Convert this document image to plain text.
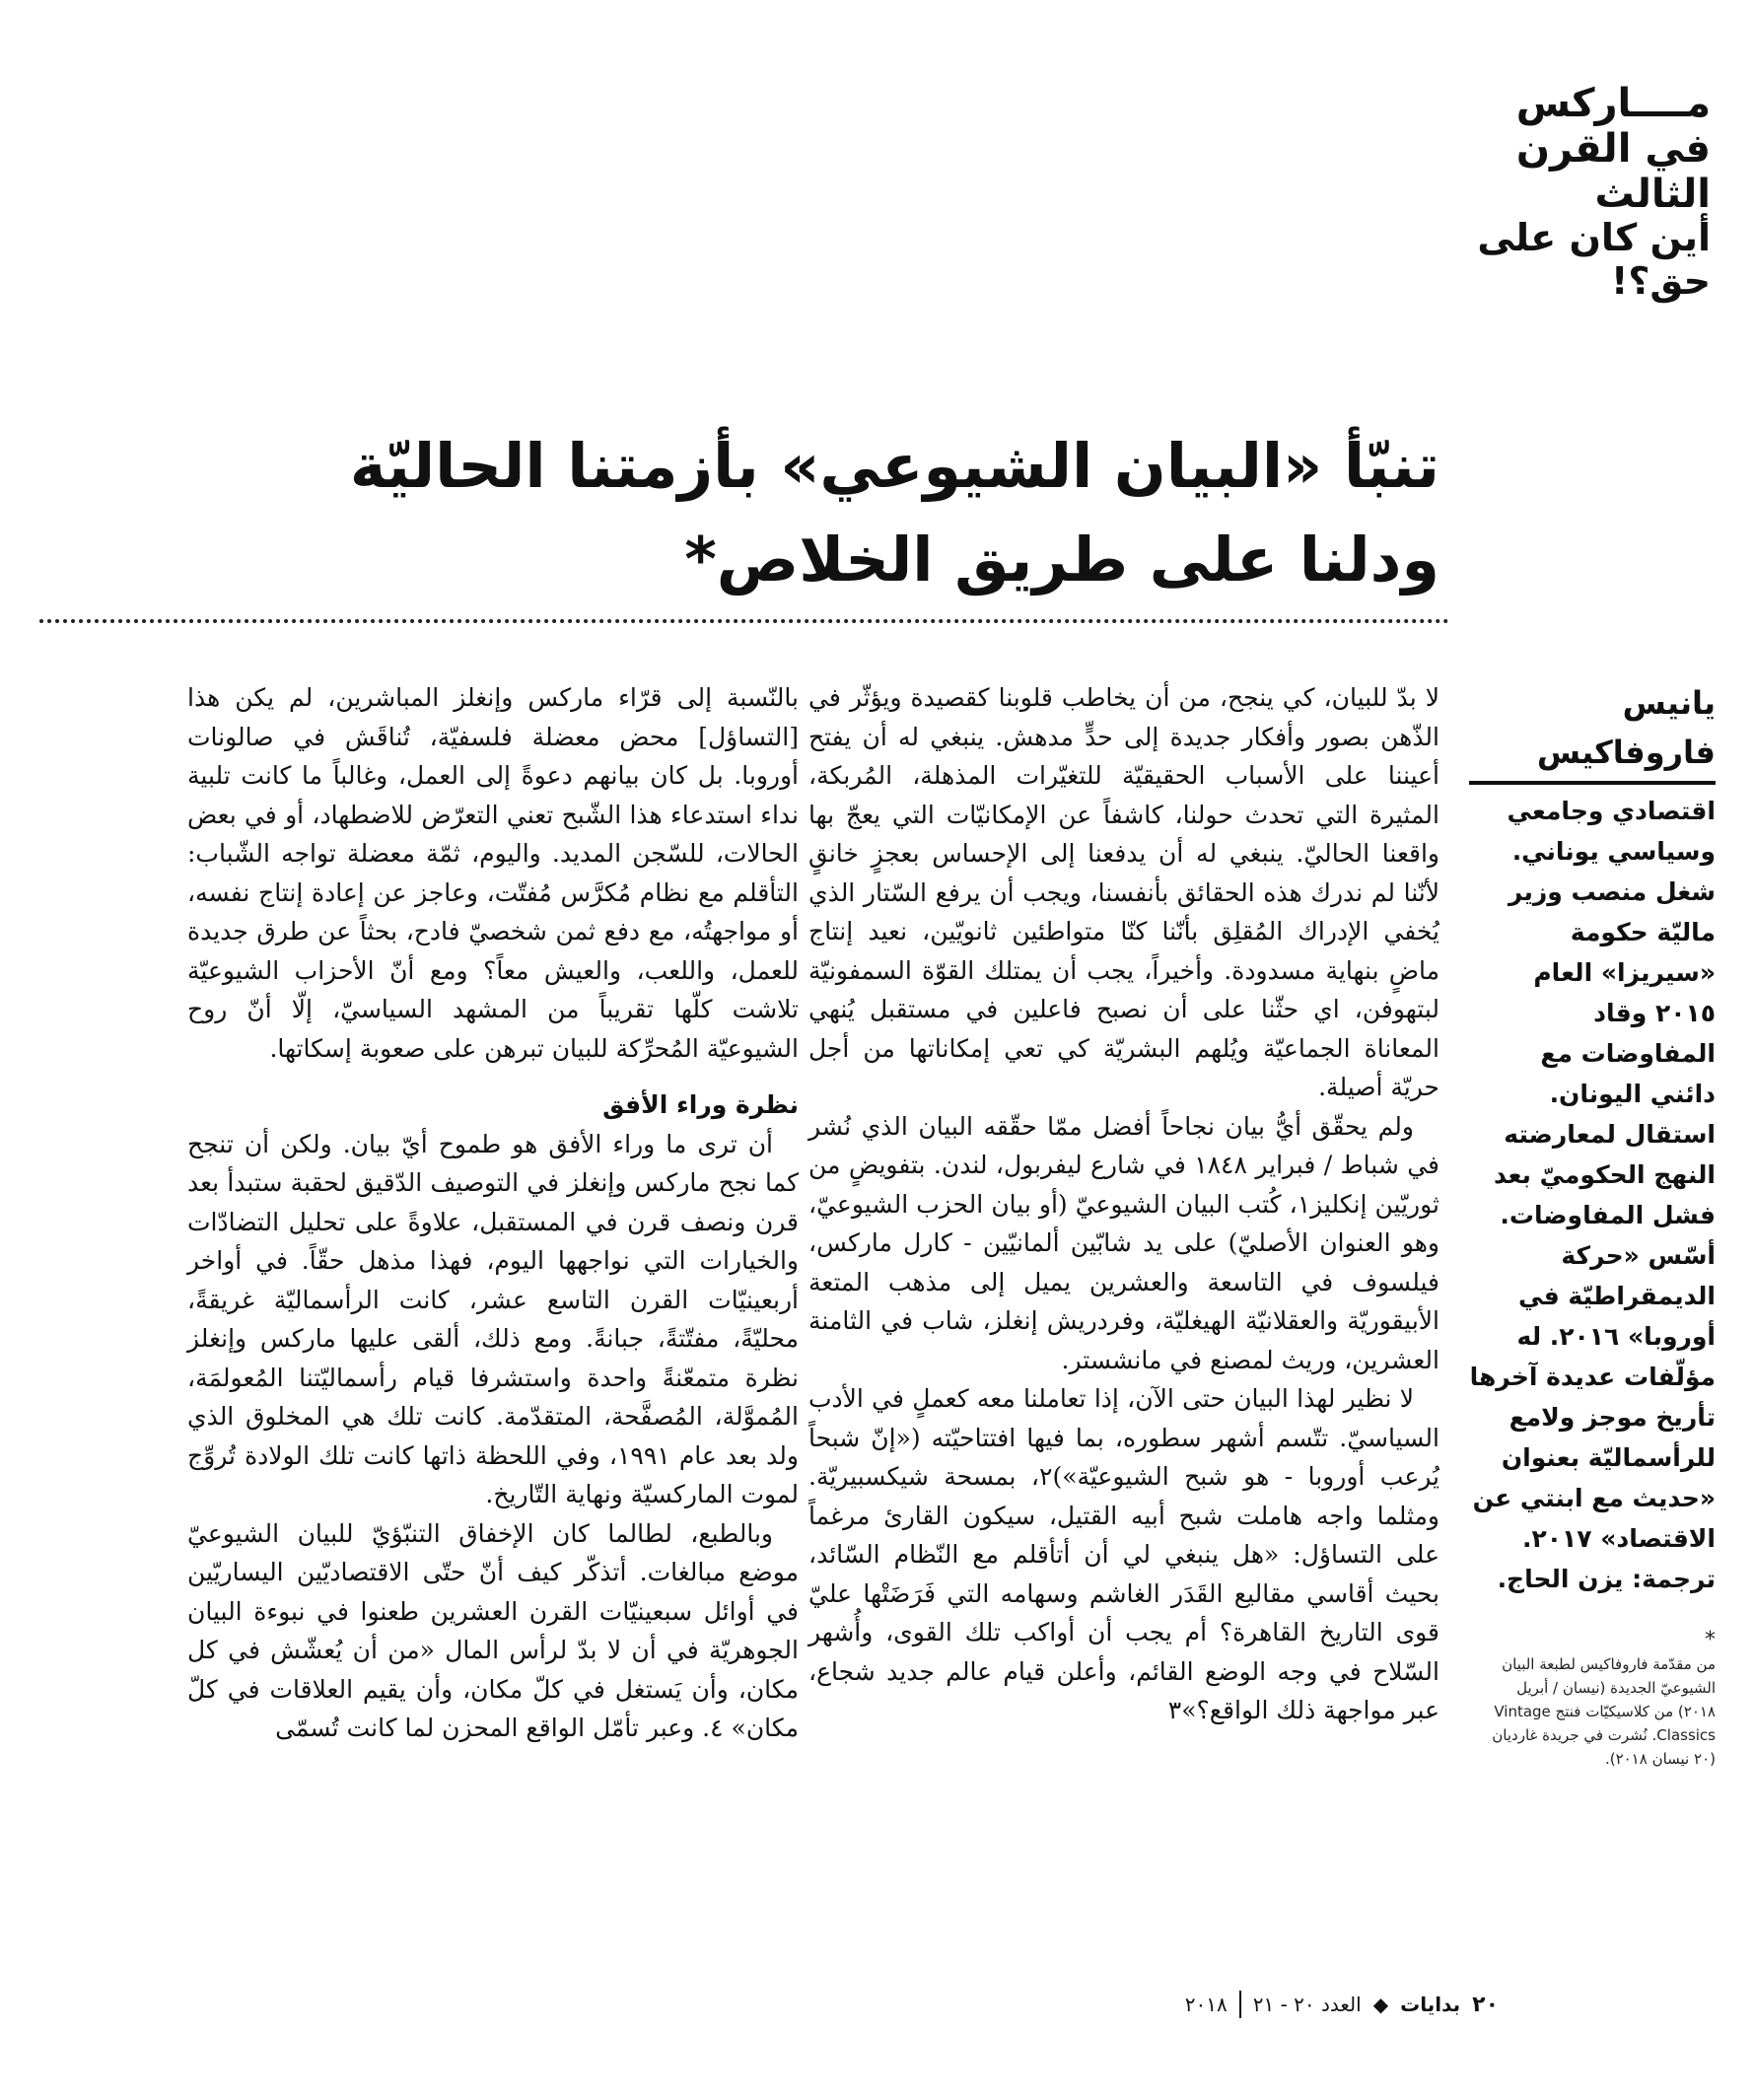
مــــاركس
في القرن الثالث
أين كان على حق؟!
تنبّأ «البيان الشيوعي» بأزمتنا الحاليّة
ودلنا على طريق الخلاص*
يانيس فاروفاكيس
اقتصادي وجامعي وسياسي يوناني. شغل منصب وزير ماليّة حكومة «سيريزا» العام ٢٠١٥ وقاد المفاوضات مع دائني اليونان. استقال لمعارضته النهج الحكوميّ بعد فشل المفاوضات. أسّس «حركة الديمقراطيّة في أوروبا» ٢٠١٦. له مؤلّفات عديدة آخرها تأريخ موجز ولامع للرأسماليّة بعنوان «حديث مع ابنتي عن الاقتصاد» ٢٠١٧. ترجمة: يزن الحاج.
*
من مقدّمة فاروفاكيس لطبعة البيان الشيوعيّ الجديدة (نيسان / أبريل ٢٠١٨) من كلاسيكيّات فنتج Vintage Classics. نُشرت في جريدة غارديان (٢٠ نيسان ٢٠١٨).

لا بدّ للبيان، كي ينجح، من أن يخاطب قلوبنا كقصيدة ويؤثّر في الذّهن بصور وأفكار جديدة إلى حدٍّ مدهش. ينبغي له أن يفتح أعيننا على الأسباب الحقيقيّة للتغيّرات المذهلة، المُربكة، المثيرة التي تحدث حولنا، كاشفاً عن الإمكانيّات التي يعجّ بها واقعنا الحاليّ. ينبغي له أن يدفعنا إلى الإحساس بعجزٍ خانقٍ لأنّنا لم ندرك هذه الحقائق بأنفسنا، ويجب أن يرفع السّتار الذي يُخفي الإدراك المُقلِق بأنّنا كنّا متواطئين ثانويّين، نعيد إنتاج ماضٍ بنهاية مسدودة. وأخيراً، يجب أن يمتلك القوّة السمفونيّة لبتهوفن، اي حثّنا على أن نصبح فاعلين في مستقبل يُنهي المعاناة الجماعيّة ويُلهم البشريّة كي تعي إمكاناتها من أجل حريّة أصيلة.

ولم يحقّق أيُّ بيان نجاحاً أفضل ممّا حقّقه البيان الذي نُشر في شباط / فبراير ١٨٤٨ في شارع ليفربول، لندن. بتفويضٍ من ثوريّين إنكليز١، كُتب البيان الشيوعيّ (أو بيان الحزب الشيوعيّ، وهو العنوان الأصليّ) على يد شابّين ألمانيّين - كارل ماركس، فيلسوف في التاسعة والعشرين يميل إلى مذهب المتعة الأبيقوريّة والعقلانيّة الهيغليّة، وفردريش إنغلز، شاب في الثامنة العشرين، وريث لمصنع في مانشستر.

لا نظير لهذا البيان حتى الآن، إذا تعاملنا معه كعملٍ في الأدب السياسيّ. تتّسم أشهر سطوره، بما فيها افتتاحيّته («إنّ شبحاً يُرعب أوروبا - هو شبح الشيوعيّة»)٢، بمسحة شيكسبيريّة. ومثلما واجه هاملت شبح أبيه القتيل، سيكون القارئ مرغماً على التساؤل: «هل ينبغي لي أن أتأقلم مع النّظام السّائد، بحيث أقاسي مقاليع القَدَر الغاشم وسهامه التي فَرَضَتْها عليّ قوى التاريخ القاهرة؟ أم يجب أن أواكب تلك القوى، وأُشهر السّلاح في وجه الوضع القائم، وأعلن قيام عالم جديد شجاع، عبر مواجهة ذلك الواقع؟»٣

بالنّسبة إلى قرّاء ماركس وإنغلز المباشرين، لم يكن هذا [التساؤل] محض معضلة فلسفيّة، تُناقَش في صالونات أوروبا. بل كان بيانهم دعوةً إلى العمل، وغالباً ما كانت تلبية نداء استدعاء هذا الشّبح تعني التعرّض للاضطهاد، أو في بعض الحالات، للسّجن المديد. واليوم، ثمّة معضلة تواجه الشّباب: التأقلم مع نظام مُكرَّس مُفتّت، وعاجز عن إعادة إنتاج نفسه، أو مواجهتُه، مع دفع ثمن شخصيّ فادح، بحثاً عن طرق جديدة للعمل، واللعب، والعيش معاً؟ ومع أنّ الأحزاب الشيوعيّة تلاشت كلّها تقريباً من المشهد السياسيّ، إلّا أنّ روح الشيوعيّة المُحرِّكة للبيان تبرهن على صعوبة إسكاتها.

نظرة وراء الأفق

أن ترى ما وراء الأفق هو طموح أيّ بيان. ولكن أن تنجح كما نجح ماركس وإنغلز في التوصيف الدّقيق لحقبة ستبدأ بعد قرن ونصف قرن في المستقبل، علاوةً على تحليل التضادّات والخيارات التي نواجهها اليوم، فهذا مذهل حقّاً. في أواخر أربعينيّات القرن التاسع عشر، كانت الرأسماليّة غريقةً، محليّةً، مفتّتةً، جبانةً. ومع ذلك، ألقى عليها ماركس وإنغلز نظرة متمعّنةً واحدة واستشرفا قيام رأسماليّتنا المُعولمَة، المُموَّلة، المُصفَّحة، المتقدّمة. كانت تلك هي المخلوق الذي ولد بعد عام ١٩٩١، وفي اللحظة ذاتها كانت تلك الولادة تُروِّج لموت الماركسيّة ونهاية التّاريخ.

وبالطبع، لطالما كان الإخفاق التنبّؤيّ للبيان الشيوعيّ موضع مبالغات. أتذكّر كيف أنّ حتّى الاقتصاديّين اليساريّين في أوائل سبعينيّات القرن العشرين طعنوا في نبوءة البيان الجوهريّة في أن لا بدّ لرأس المال «من أن يُعشّش في كل مكان، وأن يَستغل في كلّ مكان، وأن يقيم العلاقات في كلّ مكان» ٤. وعبر تأمّل الواقع المحزن لما كانت تُسمّى

٢٠
بدايات
◆
العدد ٢٠ - ٢١
٢٠١٨
